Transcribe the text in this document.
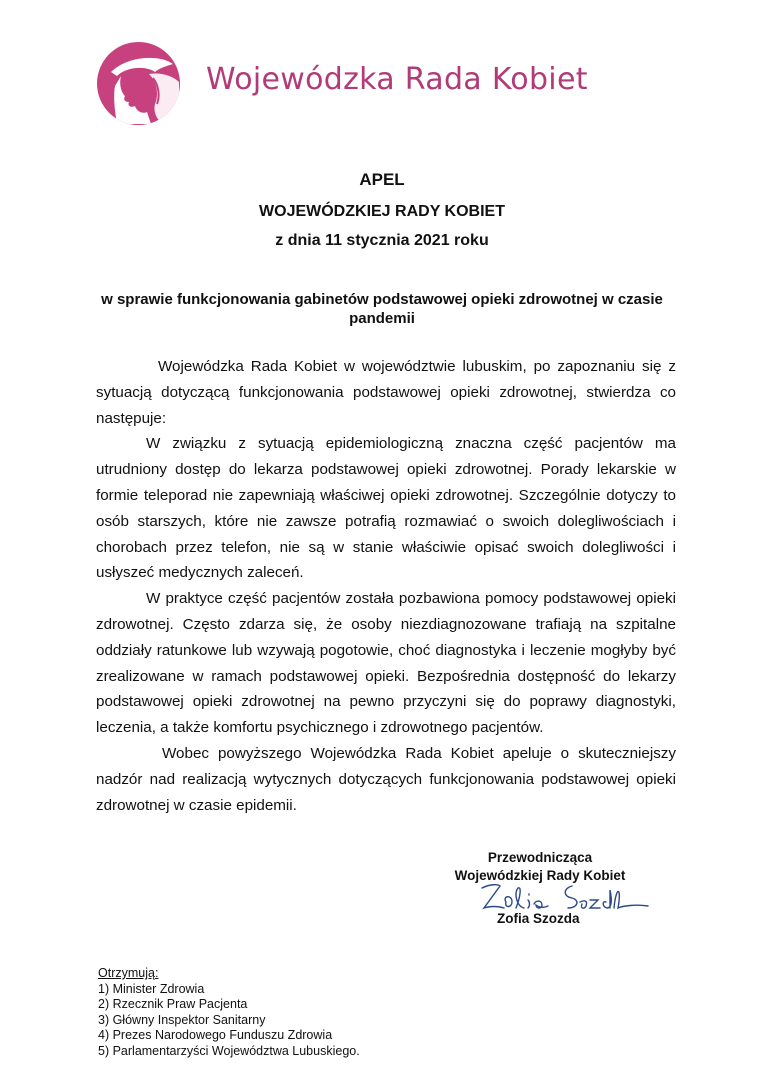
Wojewódzka Rada Kobiet
APEL
WOJEWÓDZKIEJ RADY KOBIET
z dnia 11 stycznia 2021 roku
w sprawie funkcjonowania gabinetów podstawowej opieki zdrowotnej w czasie pandemii

Wojewódzka Rada Kobiet w województwie lubuskim, po zapoznaniu się z sytuacją dotyczącą funkcjonowania podstawowej opieki zdrowotnej, stwierdza co następuje:

W związku z sytuacją epidemiologiczną znaczna część pacjentów ma utrudniony dostęp do lekarza podstawowej opieki zdrowotnej. Porady lekarskie w formie teleporad nie zapewniają właściwej opieki zdrowotnej. Szczególnie dotyczy to osób starszych, które nie zawsze potrafią rozmawiać o swoich dolegliwościach i chorobach przez telefon, nie są w stanie właściwie opisać swoich dolegliwości i usłyszeć medycznych zaleceń.

W praktyce część pacjentów została pozbawiona pomocy podstawowej opieki zdrowotnej. Często zdarza się, że osoby niezdiagnozowane trafiają na szpitalne oddziały ratunkowe lub wzywają pogotowie, choć diagnostyka i leczenie mogłyby być zrealizowane w ramach podstawowej opieki. Bezpośrednia dostępność do lekarzy podstawowej opieki zdrowotnej na pewno przyczyni się do poprawy diagnostyki, leczenia, a także komfortu psychicznego i zdrowotnego pacjentów.

Wobec powyższego Wojewódzka Rada Kobiet apeluje o skuteczniejszy nadzór nad realizacją wytycznych dotyczących funkcjonowania podstawowej opieki zdrowotnej w czasie epidemii.

Przewodnicząca
Wojewódzkiej Rady Kobiet
Zofia Szozda
Otrzymują:
1) Minister Zdrowia
2) Rzecznik Praw Pacjenta
3) Główny Inspektor Sanitarny
4) Prezes Narodowego Funduszu Zdrowia
5) Parlamentarzyści Województwa Lubuskiego.
